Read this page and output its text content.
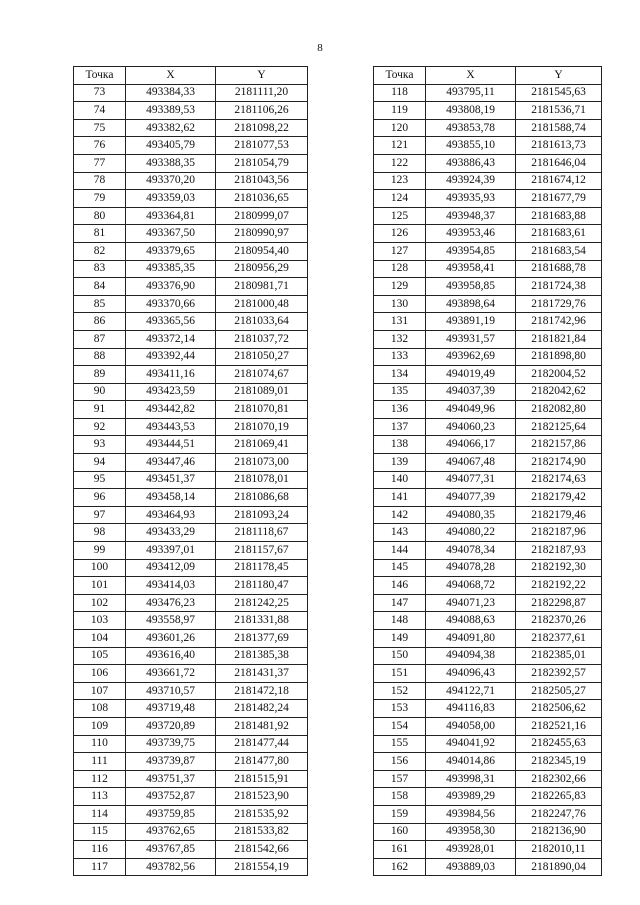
8
Точка	X	Y
73	493384,33	2181111,20
74	493389,53	2181106,26
75	493382,62	2181098,22
76	493405,79	2181077,53
77	493388,35	2181054,79
78	493370,20	2181043,56
79	493359,03	2181036,65
80	493364,81	2180999,07
81	493367,50	2180990,97
82	493379,65	2180954,40
83	493385,35	2180956,29
84	493376,90	2180981,71
85	493370,66	2181000,48
86	493365,56	2181033,64
87	493372,14	2181037,72
88	493392,44	2181050,27
89	493411,16	2181074,67
90	493423,59	2181089,01
91	493442,82	2181070,81
92	493443,53	2181070,19
93	493444,51	2181069,41
94	493447,46	2181073,00
95	493451,37	2181078,01
96	493458,14	2181086,68
97	493464,93	2181093,24
98	493433,29	2181118,67
99	493397,01	2181157,67
100	493412,09	2181178,45
101	493414,03	2181180,47
102	493476,23	2181242,25
103	493558,97	2181331,88
104	493601,26	2181377,69
105	493616,40	2181385,38
106	493661,72	2181431,37
107	493710,57	2181472,18
108	493719,48	2181482,24
109	493720,89	2181481,92
110	493739,75	2181477,44
111	493739,87	2181477,80
112	493751,37	2181515,91
113	493752,87	2181523,90
114	493759,85	2181535,92
115	493762,65	2181533,82
116	493767,85	2181542,66
117	493782,56	2181554,19
Точка	X	Y
118	493795,11	2181545,63
119	493808,19	2181536,71
120	493853,78	2181588,74
121	493855,10	2181613,73
122	493886,43	2181646,04
123	493924,39	2181674,12
124	493935,93	2181677,79
125	493948,37	2181683,88
126	493953,46	2181683,61
127	493954,85	2181683,54
128	493958,41	2181688,78
129	493958,85	2181724,38
130	493898,64	2181729,76
131	493891,19	2181742,96
132	493931,57	2181821,84
133	493962,69	2181898,80
134	494019,49	2182004,52
135	494037,39	2182042,62
136	494049,96	2182082,80
137	494060,23	2182125,64
138	494066,17	2182157,86
139	494067,48	2182174,90
140	494077,31	2182174,63
141	494077,39	2182179,42
142	494080,35	2182179,46
143	494080,22	2182187,96
144	494078,34	2182187,93
145	494078,28	2182192,30
146	494068,72	2182192,22
147	494071,23	2182298,87
148	494088,63	2182370,26
149	494091,80	2182377,61
150	494094,38	2182385,01
151	494096,43	2182392,57
152	494122,71	2182505,27
153	494116,83	2182506,62
154	494058,00	2182521,16
155	494041,92	2182455,63
156	494014,86	2182345,19
157	493998,31	2182302,66
158	493989,29	2182265,83
159	493984,56	2182247,76
160	493958,30	2182136,90
161	493928,01	2182010,11
162	493889,03	2181890,04
